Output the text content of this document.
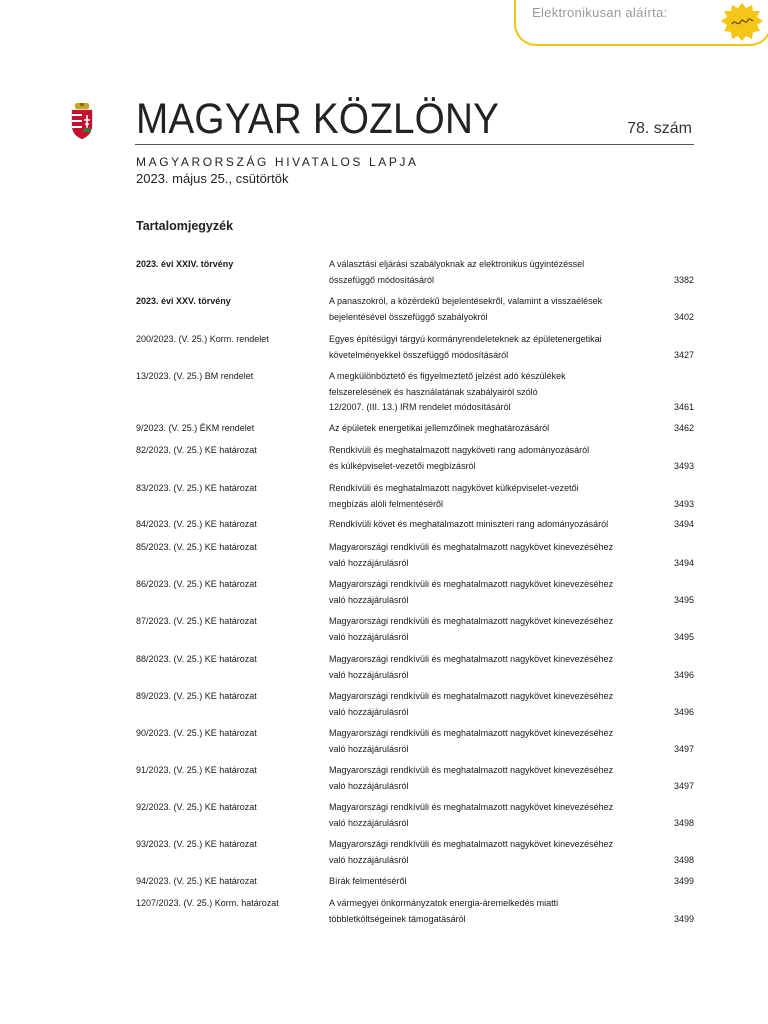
Elektronikusan aláírta:
MAGYAR KÖZLÖNY	78. szám
MAGYARORSZÁG HIVATALOS LAPJA
2023. május 25., csütörtök
Tartalomjegyzék
2023. évi XXIV. törvény	A választási eljárási szabályoknak az elektronikus ügyintézéssel
összefüggő módosításáról	3382
2023. évi XXV. törvény	A panaszokról, a közérdekű bejelentésekről, valamint a visszaélések
bejelentésével összefüggő szabályokról	3402
200/2023. (V. 25.) Korm. rendelet	Egyes építésügyi tárgyú kormányrendeleteknek az épületenergetikai
követelményekkel összefüggő módosításáról	3427
13/2023. (V. 25.) BM rendelet	A megkülönböztető és figyelmeztető jelzést adó készülékek
felszerelésének és használatának szabályairól szóló
12/2007. (III. 13.) IRM rendelet módosításáról	3461
9/2023. (V. 25.) ÉKM rendelet	Az épületek energetikai jellemzőinek meghatározásáról	3462
82/2023. (V. 25.) KE határozat	Rendkívüli és meghatalmazott nagyköveti rang adományozásáról
és külképviselet-vezetői megbízásról	3493
83/2023. (V. 25.) KE határozat	Rendkívüli és meghatalmazott nagykövet külképviselet-vezetői
megbízás alóli felmentéséről	3493
84/2023. (V. 25.) KE határozat	Rendkívüli követ és meghatalmazott miniszteri rang adományozásáról	3494
85/2023. (V. 25.) KE határozat	Magyarországi rendkívüli és meghatalmazott nagykövet kinevezéséhez
való hozzájárulásról	3494
86/2023. (V. 25.) KE határozat	Magyarországi rendkívüli és meghatalmazott nagykövet kinevezéséhez
való hozzájárulásról	3495
87/2023. (V. 25.) KE határozat	Magyarországi rendkívüli és meghatalmazott nagykövet kinevezéséhez
való hozzájárulásról	3495
88/2023. (V. 25.) KE határozat	Magyarországi rendkívüli és meghatalmazott nagykövet kinevezéséhez
való hozzájárulásról	3496
89/2023. (V. 25.) KE határozat	Magyarországi rendkívüli és meghatalmazott nagykövet kinevezéséhez
való hozzájárulásról	3496
90/2023. (V. 25.) KE határozat	Magyarországi rendkívüli és meghatalmazott nagykövet kinevezéséhez
való hozzájárulásról	3497
91/2023. (V. 25.) KE határozat	Magyarországi rendkívüli és meghatalmazott nagykövet kinevezéséhez
való hozzájárulásról	3497
92/2023. (V. 25.) KE határozat	Magyarországi rendkívüli és meghatalmazott nagykövet kinevezéséhez
való hozzájárulásról	3498
93/2023. (V. 25.) KE határozat	Magyarországi rendkívüli és meghatalmazott nagykövet kinevezéséhez
való hozzájárulásról	3498
94/2023. (V. 25.) KE határozat	Bírák felmentéséről	3499
1207/2023. (V. 25.) Korm. határozat	A vármegyei önkormányzatok energia-áremelkedés miatti
többletköltségeinek támogatásáról	3499
